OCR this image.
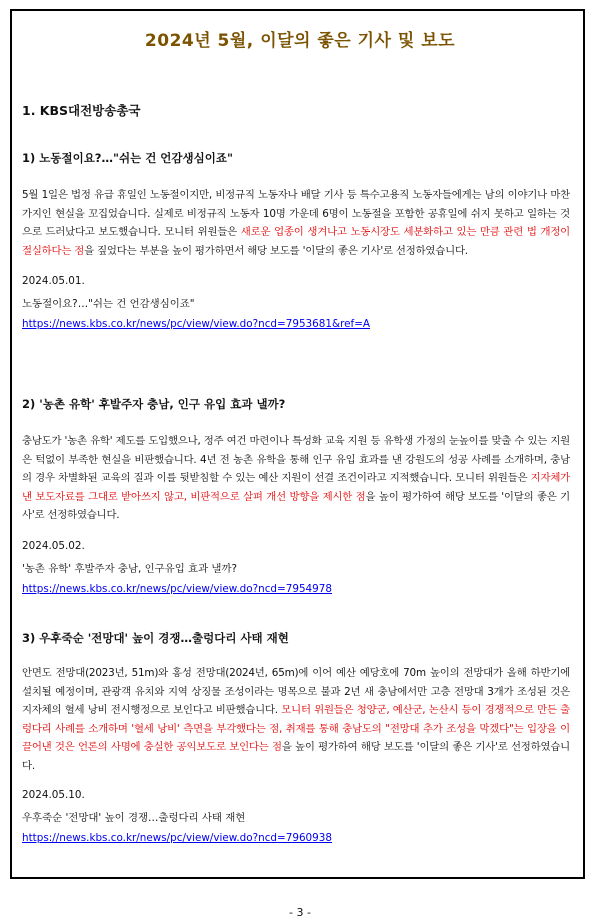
2024년 5월, 이달의 좋은 기사 및 보도
1. KBS대전방송총국

1) 노동절이요?…"쉬는 건 언감생심이죠"

5월 1일은 법정 유급 휴일인 노동절이지만, 비정규직 노동자나 배달 기사 등 특수고용직 노동자들에게는 남의 이야기나 마찬가지인 현실을 꼬집었습니다. 실제로 비정규직 노동자 10명 가운데 6명이 노동절을 포함한 공휴일에 쉬지 못하고 일하는 것으로 드러났다고 보도했습니다. 모니터 위원들은 새로운 업종이 생겨나고 노동시장도 세분화하고 있는 만큼 관련 법 개정이 절실하다는 점을 짚었다는 부분을 높이 평가하면서 해당 보도를 '이달의 좋은 기사'로 선정하였습니다.

2024.05.01.

노동절이요?…"쉬는 건 언감생심이죠"

https://news.kbs.co.kr/news/pc/view/view.do?ncd=7953681&ref=A

2) '농촌 유학' 후발주자 충남, 인구 유입 효과 낼까?

충남도가 '농촌 유학' 제도를 도입했으나, 정주 여건 마련이나 특성화 교육 지원 등 유학생 가정의 눈높이를 맞출 수 있는 지원은 턱없이 부족한 현실을 비판했습니다. 4년 전 농촌 유학을 통해 인구 유입 효과를 낸 강원도의 성공 사례를 소개하며, 충남의 경우 차별화된 교육의 질과 이를 뒷받침할 수 있는 예산 지원이 선결 조건이라고 지적했습니다. 모니터 위원들은 지자체가 낸 보도자료를 그대로 받아쓰지 않고, 비판적으로 살펴 개선 방향을 제시한 점을 높이 평가하여 해당 보도를 '이달의 좋은 기사'로 선정하였습니다.

2024.05.02.

'농촌 유학' 후발주자 충남, 인구유입 효과 낼까?

https://news.kbs.co.kr/news/pc/view/view.do?ncd=7954978

3) 우후죽순 '전망대' 높이 경쟁…출렁다리 사태 재현

안면도 전망대(2023년, 51m)와 홍성 전망대(2024년, 65m)에 이어 예산 예당호에 70m 높이의 전망대가 올해 하반기에 설치될 예정이며, 관광객 유치와 지역 상징물 조성이라는 명목으로 불과 2년 새 충남에서만 고층 전망대 3개가 조성된 것은 지자체의 혈세 낭비 전시행정으로 보인다고 비판했습니다. 모니터 위원들은 청양군, 예산군, 논산시 등이 경쟁적으로 만든 출렁다리 사례를 소개하며 '혈세 낭비' 측면을 부각했다는 점, 취재를 통해 충남도의 "전망대 추가 조성을 막겠다"는 입장을 이끌어낸 것은 언론의 사명에 충실한 공익보도로 보인다는 점을 높이 평가하여 해당 보도를 '이달의 좋은 기사'로 선정하였습니다.

2024.05.10.

우후죽순 '전망대' 높이 경쟁…출렁다리 사태 재현

https://news.kbs.co.kr/news/pc/view/view.do?ncd=7960938

- 3 -
